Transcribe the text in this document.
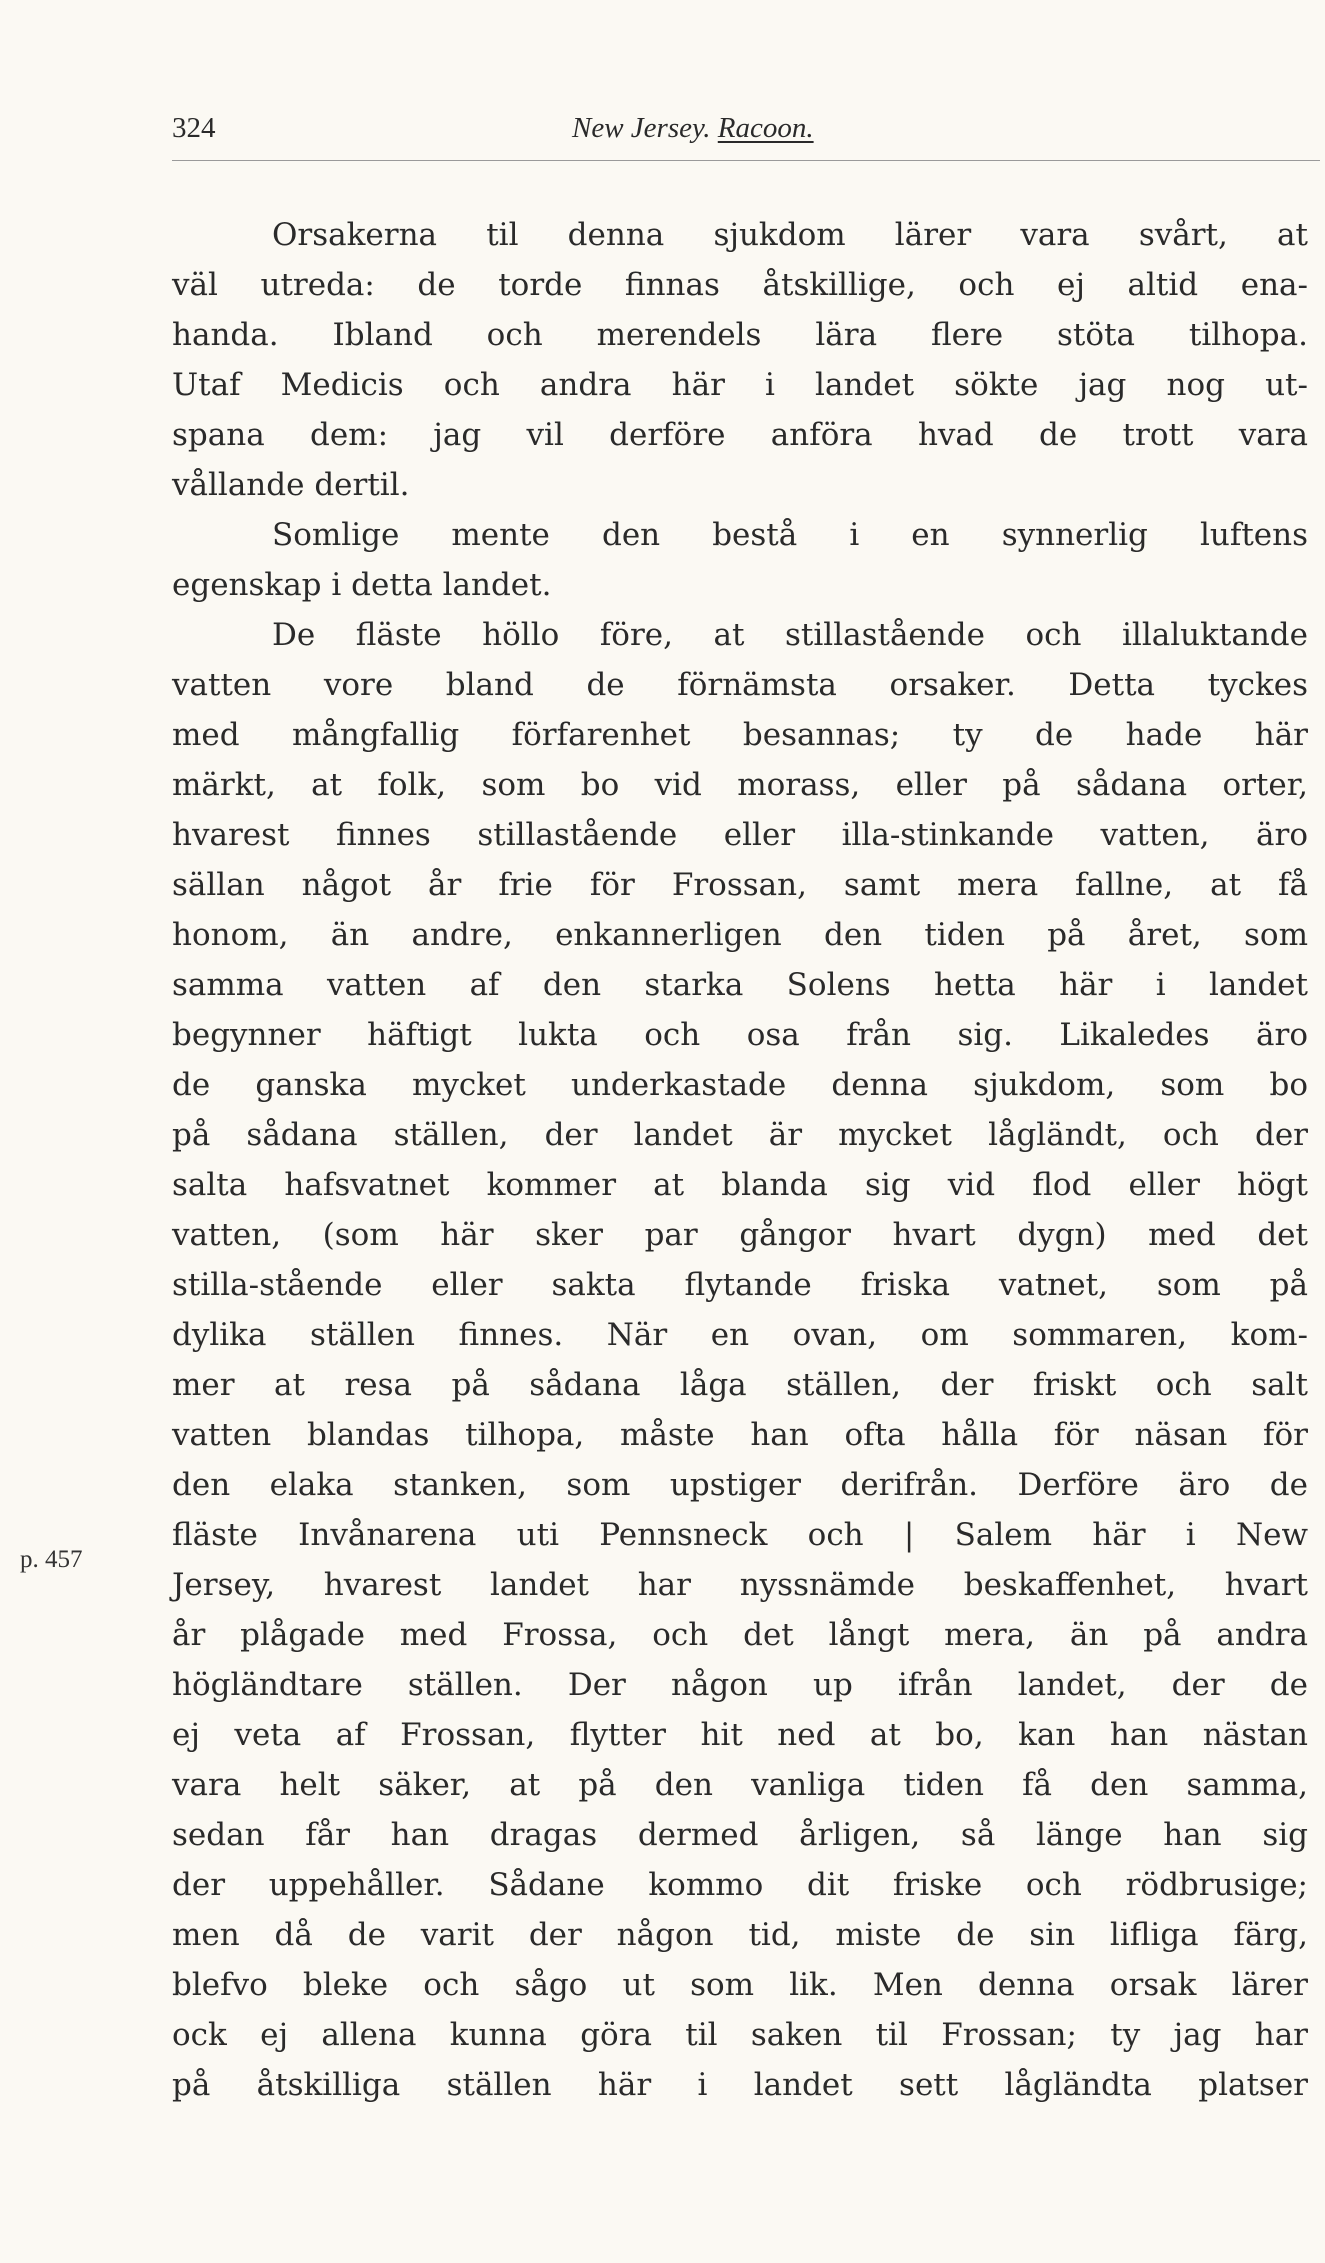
324	New Jersey. Racoon.
p. 457
Orsakerna til denna sjukdom lärer vara svårt, at
väl utreda: de torde finnas åtskillige, och ej altid ena-
handa. Ibland och merendels lära flere stöta tilhopa.
Utaf Medicis och andra här i landet sökte jag nog ut-
spana dem: jag vil derföre anföra hvad de trott vara
vållande dertil.
Somlige mente den bestå i en synnerlig luftens
egenskap i detta landet.
De fläste höllo före, at stillastående och illaluktande
vatten vore bland de förnämsta orsaker. Detta tyckes
med mångfallig förfarenhet besannas; ty de hade här
märkt, at folk, som bo vid morass, eller på sådana orter,
hvarest finnes stillastående eller illa-stinkande vatten, äro
sällan något år frie för Frossan, samt mera fallne, at få
honom, än andre, enkannerligen den tiden på året, som
samma vatten af den starka Solens hetta här i landet
begynner häftigt lukta och osa från sig. Likaledes äro
de ganska mycket underkastade denna sjukdom, som bo
på sådana ställen, der landet är mycket lågländt, och der
salta hafsvatnet kommer at blanda sig vid flod eller högt
vatten, (som här sker par gångor hvart dygn) med det
stilla-stående eller sakta flytande friska vatnet, som på
dylika ställen finnes. När en ovan, om sommaren, kom-
mer at resa på sådana låga ställen, der friskt och salt
vatten blandas tilhopa, måste han ofta hålla för näsan för
den elaka stanken, som upstiger derifrån. Derföre äro de
fläste Invånarena uti Pennsneck och | Salem här i New
Jersey, hvarest landet har nyssnämde beskaffenhet, hvart
år plågade med Frossa, och det långt mera, än på andra
högländtare ställen. Der någon up ifrån landet, der de
ej veta af Frossan, flytter hit ned at bo, kan han nästan
vara helt säker, at på den vanliga tiden få den samma,
sedan får han dragas dermed årligen, så länge han sig
der uppehåller. Sådane kommo dit friske och rödbrusige;
men då de varit der någon tid, miste de sin lifliga färg,
blefvo bleke och sågo ut som lik. Men denna orsak lärer
ock ej allena kunna göra til saken til Frossan; ty jag har
på åtskilliga ställen här i landet sett lågländta platser
